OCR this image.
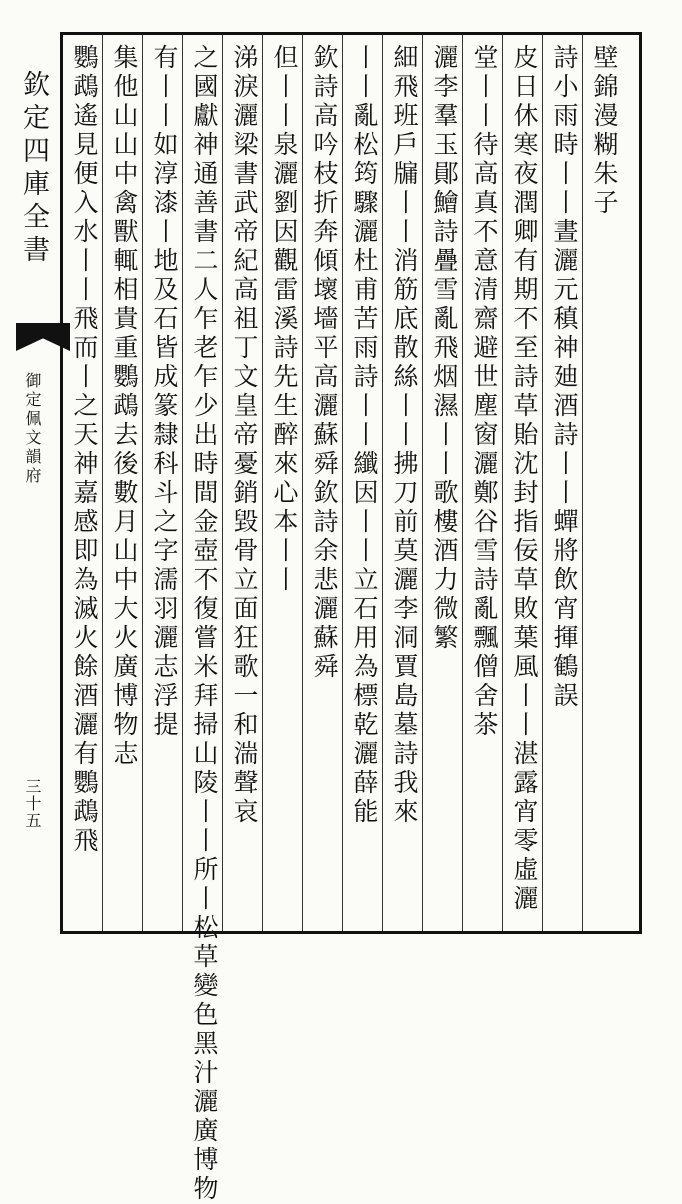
欽定四庫全書
御定佩文韻府
三十五
壁錦漫糊朱子
詩小雨時丨丨晝灑元稹神廸酒詩丨丨蟬將飲宵揮鶴誤
皮日休寒夜潤卿有期不至詩草貽沈封指佞草敗葉風丨丨湛露宵零虛灑
堂丨丨待高真不意清齋避世塵窗灑鄭谷雪詩亂飄僧舍茶
灑李羣玉鄖鱠詩疊雪亂飛烟濕丨丨歌樓酒力微繁
細飛班戶牖丨丨消筋底散絲丨丨拂刀前莫灑李洞賈島墓詩我來
丨丨亂松筠驟灑杜甫苦雨詩丨丨纖因丨丨立石用為標乾灑薛能
欽詩高吟枝折奔傾壞墻平高灑蘇舜欽詩余悲灑蘇舜
但丨丨泉灑劉因觀雷溪詩先生醉來心本丨丨
涕淚灑梁書武帝紀高祖丁文皇帝憂銷毀骨立面狂歌一和湍聲哀
之國獻神通善書二人乍老乍少出時間金壺不復嘗米拜掃山陵丨丨所丨松草變色黑汁灑廣博物
有丨丨如淳漆丨地及石皆成篆隸科斗之字濡羽灑志浮提
集他山山中禽獸輒相貴重鸚鵡去後數月山中大火廣博物志
鸚鵡遙見便入水丨丨飛而丨之天神嘉感即為滅火餘酒灑有鸚鵡飛
